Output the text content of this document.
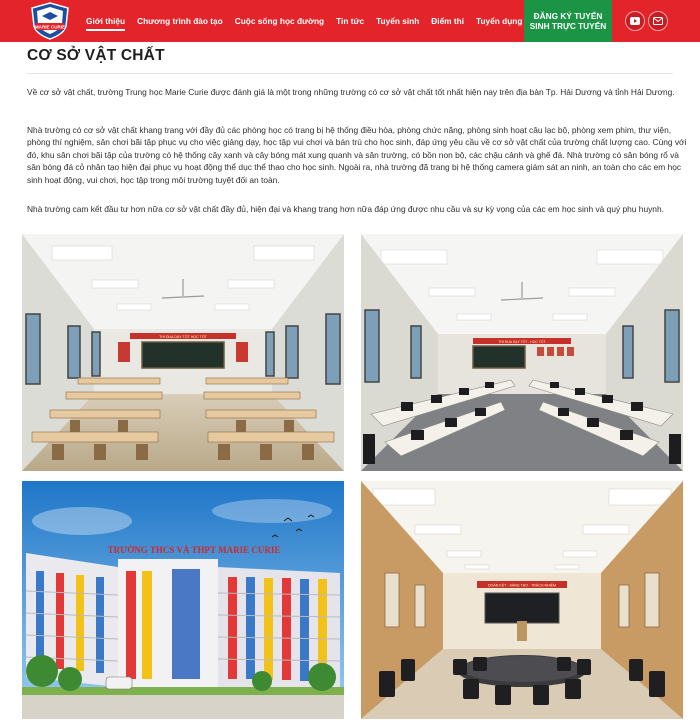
MARIE CURIE
Giới thiệu Chương trình đào tạo Cuộc sống học đường Tin tức Tuyển sinh Điểm thi Tuyển dụng	ĐĂNG KÝ TUYỂN
SINH TRỰC TUYẾN
CƠ SỞ VẬT CHẤT

Về cơ sở vật chất, trường Trung học Marie Curie được đánh giá là một trong những trường có cơ sở vật chất tốt nhất hiện nay trên địa bàn Tp. Hải Dương và tỉnh Hải Dương.

Nhà trường có cơ sở vật chất khang trang với đầy đủ các phòng học có trang bị hệ thống điều hòa, phòng chức năng, phòng sinh hoạt câu lạc bộ, phòng xem phim, thư viện, phòng thí nghiệm, sân chơi bãi tập phục vụ cho việc giảng dạy, học tập vui chơi và bán trú cho học sinh, đáp ứng yêu cầu về cơ sở vật chất của trường chất lượng cao. Cùng với đó, khu sân chơi bãi tập của trường có hệ thống cây xanh và cây bóng mát xung quanh và sân trường, có bồn non bộ, các chậu cảnh và ghế đá. Nhà trường có sân bóng rổ và sân bóng đá cỏ nhân tạo hiện đại phục vụ hoạt động thể dục thể thao cho học sinh. Ngoài ra, nhà trường đã trang bị hệ thống camera giám sát an ninh, an toàn cho các em học sinh hoạt động, vui chơi, học tập trong môi trường tuyệt đối an toàn.

Nhà trường cam kết đầu tư hơn nữa cơ sở vật chất đầy đủ, hiện đại và khang trang hơn nữa đáp ứng được nhu cầu và sự kỳ vọng của các em học sinh và quý phụ huynh.

THI ĐUA DẠY TỐT HỌC TỐT
THI ĐUA DẠY TỐT - HỌC TỐT
TRƯỜNG THCS VÀ THPT MARIE CURIE
DOÀN KẾT - SÁNG TẠO - TRÁCH NHIỆM
